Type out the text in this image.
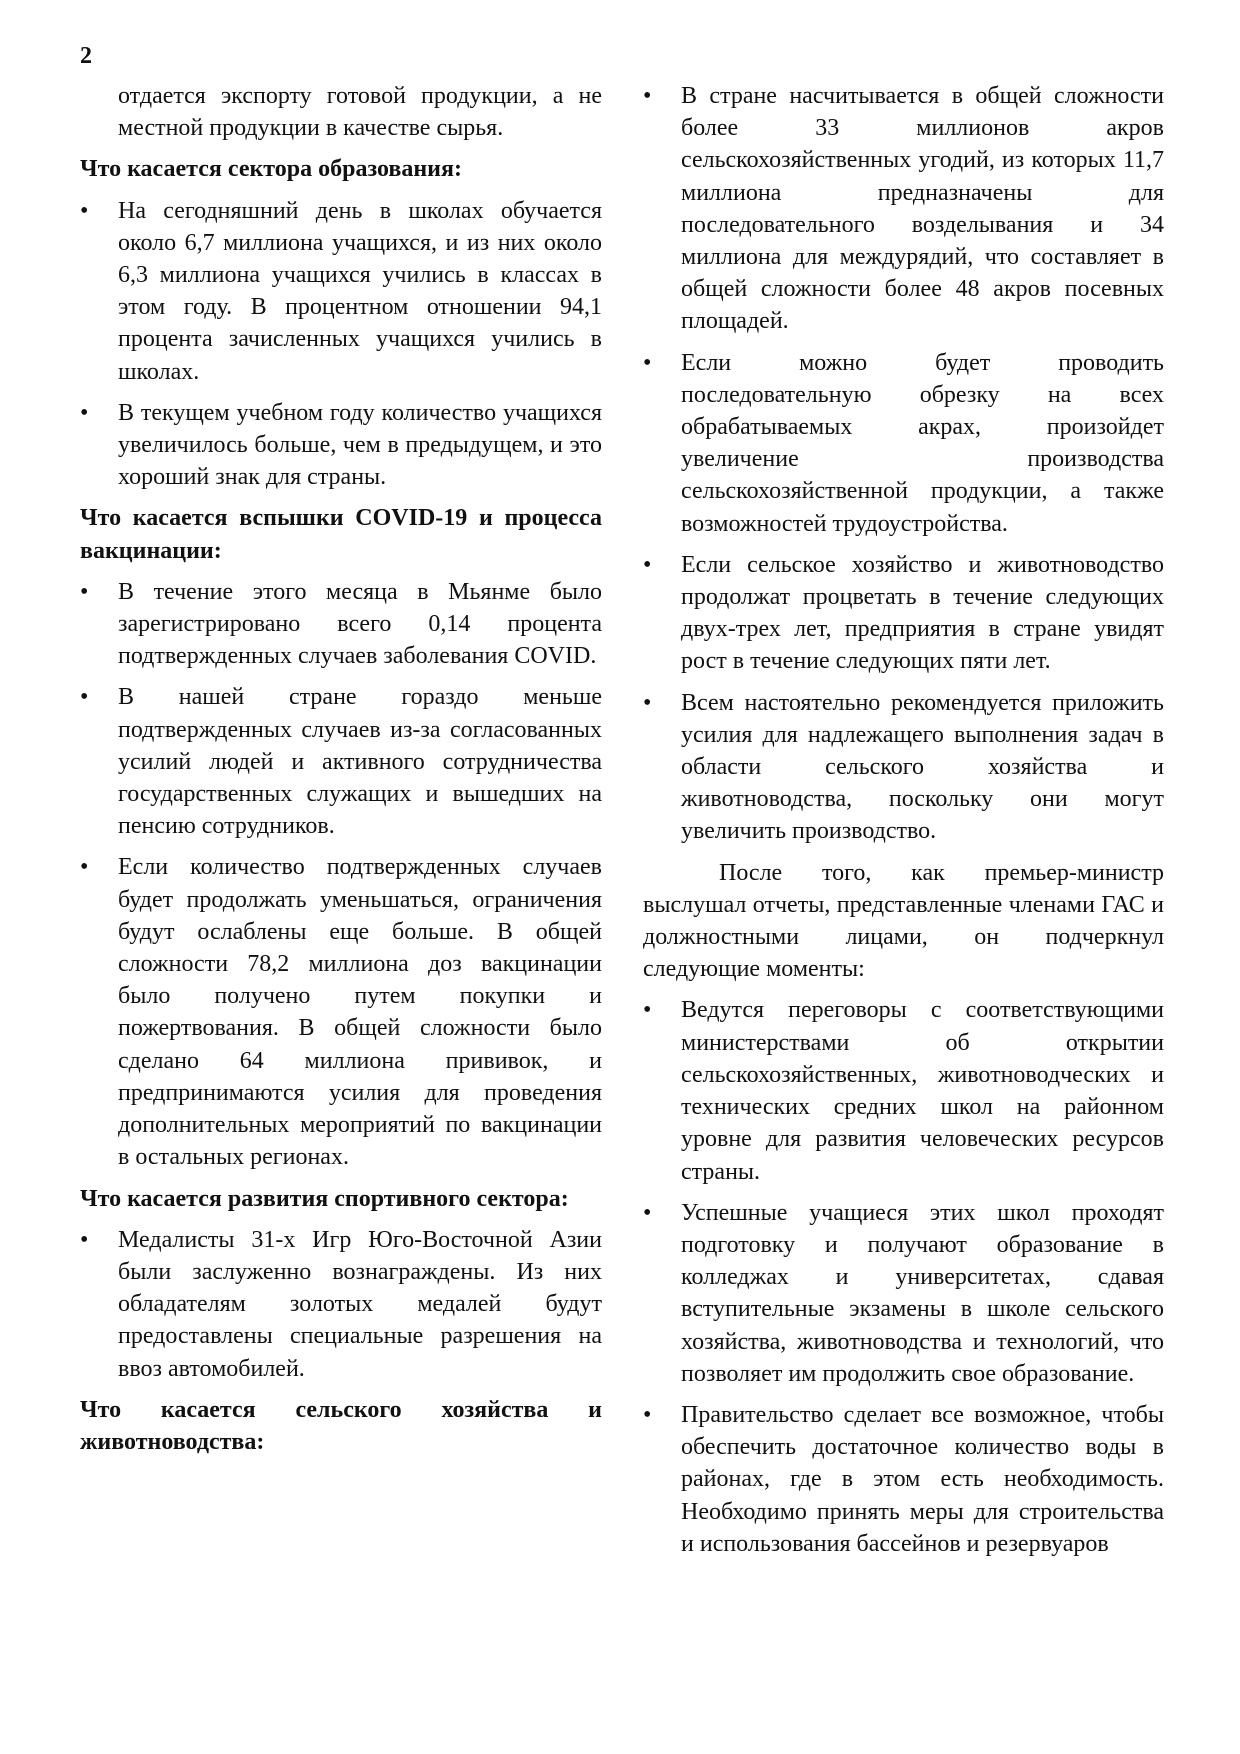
2

отдается экспорту готовой продукции, а не местной продукции в качестве сырья.

Что касается сектора образования:

• На сегодняшний день в школах обучается около 6,7 миллиона учащихся, и из них около 6,3 миллиона учащихся учились в классах в этом году. В процентном отношении 94,1 процента зачисленных учащихся учились в школах.
• В текущем учебном году количество учащихся увеличилось больше, чем в предыдущем, и это хороший знак для страны.

Что касается вспышки COVID-19 и процесса вакцинации:

• В течение этого месяца в Мьянме было зарегистрировано всего 0,14 процента подтвержденных случаев заболевания COVID.
• В нашей стране гораздо меньше подтвержденных случаев из-за согласованных усилий людей и активного сотрудничества государственных служащих и вышедших на пенсию сотрудников.
• Если количество подтвержденных случаев будет продолжать уменьшаться, ограничения будут ослаблены еще больше. В общей сложности 78,2 миллиона доз вакцинации было получено путем покупки и пожертвования. В общей сложности было сделано 64 миллиона прививок, и предпринимаются усилия для проведения дополнительных мероприятий по вакцинации в остальных регионах.

Что касается развития спортивного сектора:

• Медалисты 31-х Игр Юго-Восточной Азии были заслуженно вознаграждены. Из них обладателям золотых медалей будут предоставлены специальные разрешения на ввоз автомобилей.

Что касается сельского хозяйства и животноводства:

• В стране насчитывается в общей сложности более 33 миллионов акров сельскохозяйственных угодий, из которых 11,7 миллиона предназначены для последовательного возделывания и 34 миллиона для междурядий, что составляет в общей сложности более 48 акров посевных площадей.
• Если можно будет проводить последовательную обрезку на всех обрабатываемых акрах, произойдет увеличение производства сельскохозяйственной продукции, а также возможностей трудоустройства.
• Если сельское хозяйство и животноводство продолжат процветать в течение следующих двух-трех лет, предприятия в стране увидят рост в течение следующих пяти лет.
• Всем настоятельно рекомендуется приложить усилия для надлежащего выполнения задач в области сельского хозяйства и животноводства, поскольку они могут увеличить производство.

После того, как премьер-министр выслушал отчеты, представленные членами ГАС и должностными лицами, он подчеркнул следующие моменты:

• Ведутся переговоры с соответствующими министерствами об открытии сельскохозяйственных, животноводческих и технических средних школ на районном уровне для развития человеческих ресурсов страны.
• Успешные учащиеся этих школ проходят подготовку и получают образование в колледжах и университетах, сдавая вступительные экзамены в школе сельского хозяйства, животноводства и технологий, что позволяет им продолжить свое образование.
• Правительство сделает все возможное, чтобы обеспечить достаточное количество воды в районах, где в этом есть необходимость. Необходимо принять меры для строительства и использования бассейнов и резервуаров
